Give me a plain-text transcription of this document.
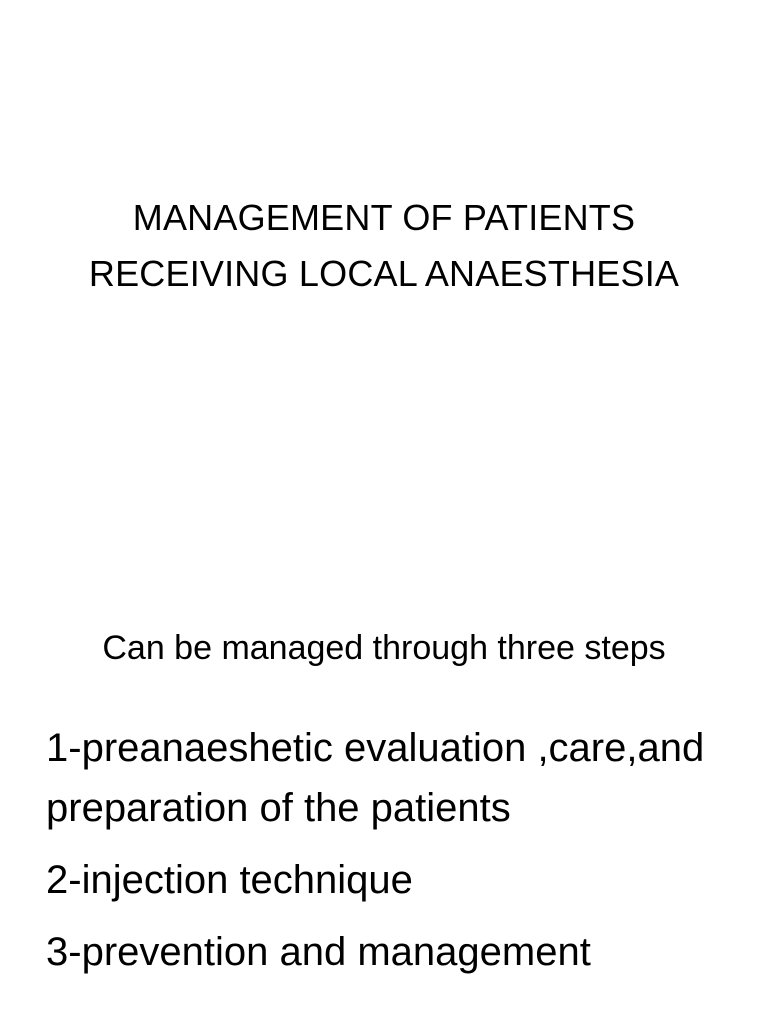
MANAGEMENT OF PATIENTS
RECEIVING LOCAL ANAESTHESIA
Can be managed through three steps
1-preanaeshetic evaluation ,care,and preparation of the patients
2-injection technique
3-prevention and management
